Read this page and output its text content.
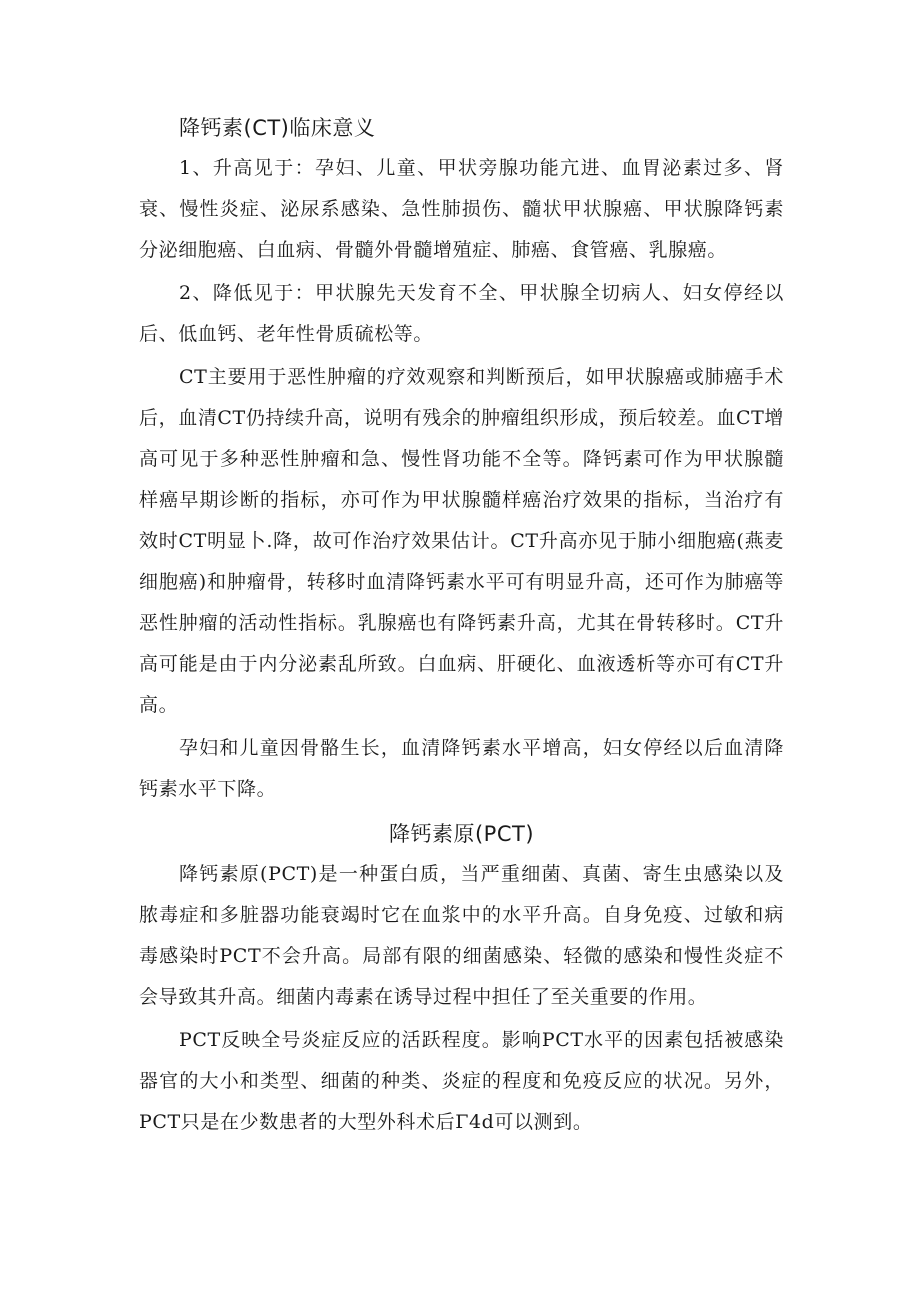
降钙素(CT)临床意义

1、升高见于：孕妇、儿童、甲状旁腺功能亢进、血胃泌素过多、肾衰、慢性炎症、泌尿系感染、急性肺损伤、髓状甲状腺癌、甲状腺降钙素分泌细胞癌、白血病、骨髓外骨髓增殖症、肺癌、食管癌、乳腺癌。

2、降低见于：甲状腺先天发育不全、甲状腺全切病人、妇女停经以后、低血钙、老年性骨质硫松等。

CT主要用于恶性肿瘤的疗效观察和判断预后，如甲状腺癌或肺癌手术后，血清CT仍持续升高，说明有残余的肿瘤组织形成，预后较差。血CT增高可见于多种恶性肿瘤和急、慢性肾功能不全等。降钙素可作为甲状腺髓样癌早期诊断的指标，亦可作为甲状腺髓样癌治疗效果的指标，当治疗有效时CT明显卜.降，故可作治疗效果估计。CT升高亦见于肺小细胞癌(燕麦细胞癌)和肿瘤骨，转移时血清降钙素水平可有明显升高，还可作为肺癌等恶性肿瘤的活动性指标。乳腺癌也有降钙素升高，尤其在骨转移时。CT升高可能是由于内分泌素乱所致。白血病、肝硬化、血液透析等亦可有CT升高。

孕妇和儿童因骨骼生长，血清降钙素水平增高，妇女停经以后血清降钙素水平下降。

降钙素原(PCT)

降钙素原(PCT)是一种蛋白质，当严重细菌、真菌、寄生虫感染以及脓毒症和多脏器功能衰竭时它在血浆中的水平升高。自身免疫、过敏和病毒感染时PCT不会升高。局部有限的细菌感染、轻微的感染和慢性炎症不会导致其升高。细菌内毒素在诱导过程中担任了至关重要的作用。

PCT反映全号炎症反应的活跃程度。影响PCT水平的因素包括被感染器官的大小和类型、细菌的种类、炎症的程度和免疫反应的状况。另外，PCT只是在少数患者的大型外科术后Γ4d可以测到。
